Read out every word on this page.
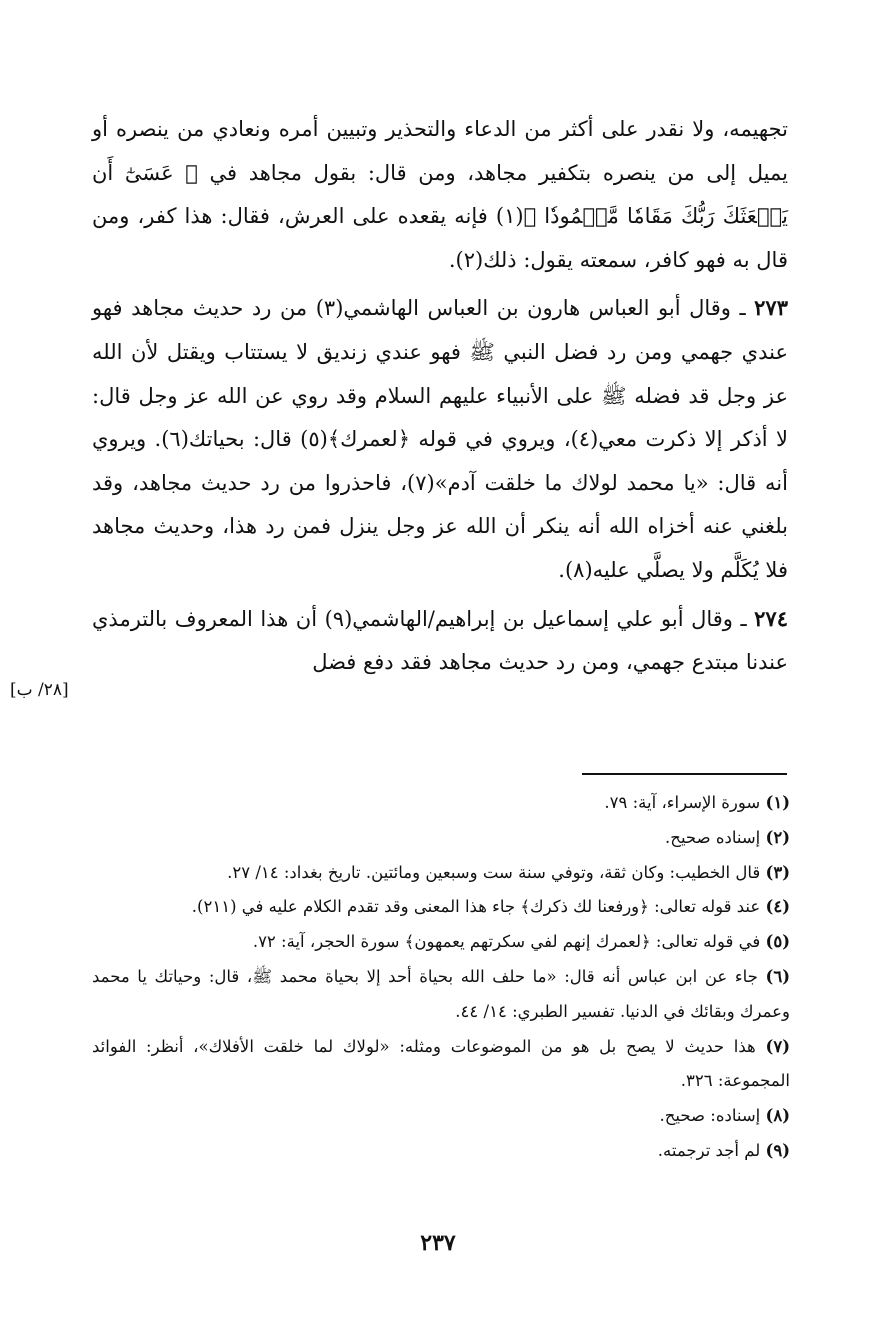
تجهيمه، ولا نقدر على أكثر من الدعاء والتحذير وتبيين أمره ونعادي من ينصره أو يميل إلى من ينصره بتكفير مجاهد، ومن قال: بقول مجاهد في ﴿ عَسَىٰٓ أَن يَبۡعَثَكَ رَبُّكَ مَقَامٗا مَّحۡمُودٗا ﴾(١) فإنه يقعده على العرش، فقال: هذا كفر، ومن قال به فهو كافر، سمعته يقول: ذلك(٢).

٢٧٣ ـ وقال أبو العباس هارون بن العباس الهاشمي(٣) من رد حديث مجاهد فهو عندي جهمي ومن رد فضل النبي ﷺ فهو عندي زنديق لا يستتاب ويقتل لأن الله عز وجل قد فضله ﷺ على الأنبياء عليهم السلام وقد روي عن الله عز وجل قال: لا أذكر إلا ذكرت معي(٤)، ويروي في قوله ﴿لعمرك﴾(٥) قال: بحياتك(٦). ويروي أنه قال: «يا محمد لولاك ما خلقت آدم»(٧)، فاحذروا من رد حديث مجاهد، وقد بلغني عنه أخزاه الله أنه ينكر أن الله عز وجل ينزل فمن رد هذا، وحديث مجاهد فلا يُكَلَّم ولا يصلَّي عليه(٨).

٢٧٤ ـ وقال أبو علي إسماعيل بن إبراهيم/الهاشمي(٩) أن هذا المعروف بالترمذي عندنا مبتدع جهمي، ومن رد حديث مجاهد فقد دفع فضل

[٢٨/ ب]

(١) سورة الإسراء، آية: ٧٩.

(٢) إسناده صحيح.

(٣) قال الخطيب: وكان ثقة، وتوفي سنة ست وسبعين ومائتين. تاريخ بغداد: ١٤/ ٢٧.

(٤) عند قوله تعالى: ﴿ورفعنا لك ذكرك﴾ جاء هذا المعنى وقد تقدم الكلام عليه في (٢١١).

(٥) في قوله تعالى: ﴿لعمرك إنهم لفي سكرتهم يعمهون﴾ سورة الحجر، آية: ٧٢.

(٦) جاء عن ابن عباس أنه قال: «ما حلف الله بحياة أحد إلا بحياة محمد ﷺ، قال: وحياتك يا محمد وعمرك وبقائك في الدنيا. تفسير الطبري: ١٤/ ٤٤.

(٧) هذا حديث لا يصح بل هو من الموضوعات ومثله: «لولاك لما خلقت الأفلاك»، أنظر: الفوائد المجموعة: ٣٢٦.

(٨) إسناده: صحيح.

(٩) لم أجد ترجمته.

٢٣٧
